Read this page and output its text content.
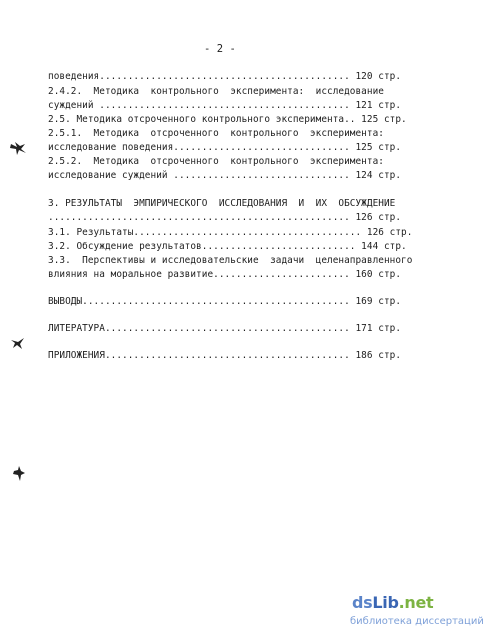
- 2 -
поведения............................................ 120 стр.
2.4.2.  Методика  контрольного  эксперимента:  исследование
суждений ............................................ 121 стр.
2.5. Методика отсроченного контрольного эксперимента.. 125 стр.
2.5.1.  Методика  отсроченного  контрольного  эксперимента:
исследование поведения............................... 125 стр.
2.5.2.  Методика  отсроченного  контрольного  эксперимента:
исследование суждений ............................... 124 стр.
3. РЕЗУЛЬТАТЫ  ЭМПИРИЧЕСКОГО  ИССЛЕДОВАНИЯ  И  ИХ  ОБСУЖДЕНИЕ
..................................................... 126 стр.
3.1. Результаты........................................ 126 стр.
3.2. Обсуждение результатов........................... 144 стр.
3.3.  Перспективы и исследовательские  задачи  целенаправленного
влияния на моральное развитие........................ 160 стр.
ВЫВОДЫ............................................... 169 стр.
ЛИТЕРАТУРА........................................... 171 стр.
ПРИЛОЖЕНИЯ........................................... 186 стр.
dsLib.net
библиотека диссертаций
